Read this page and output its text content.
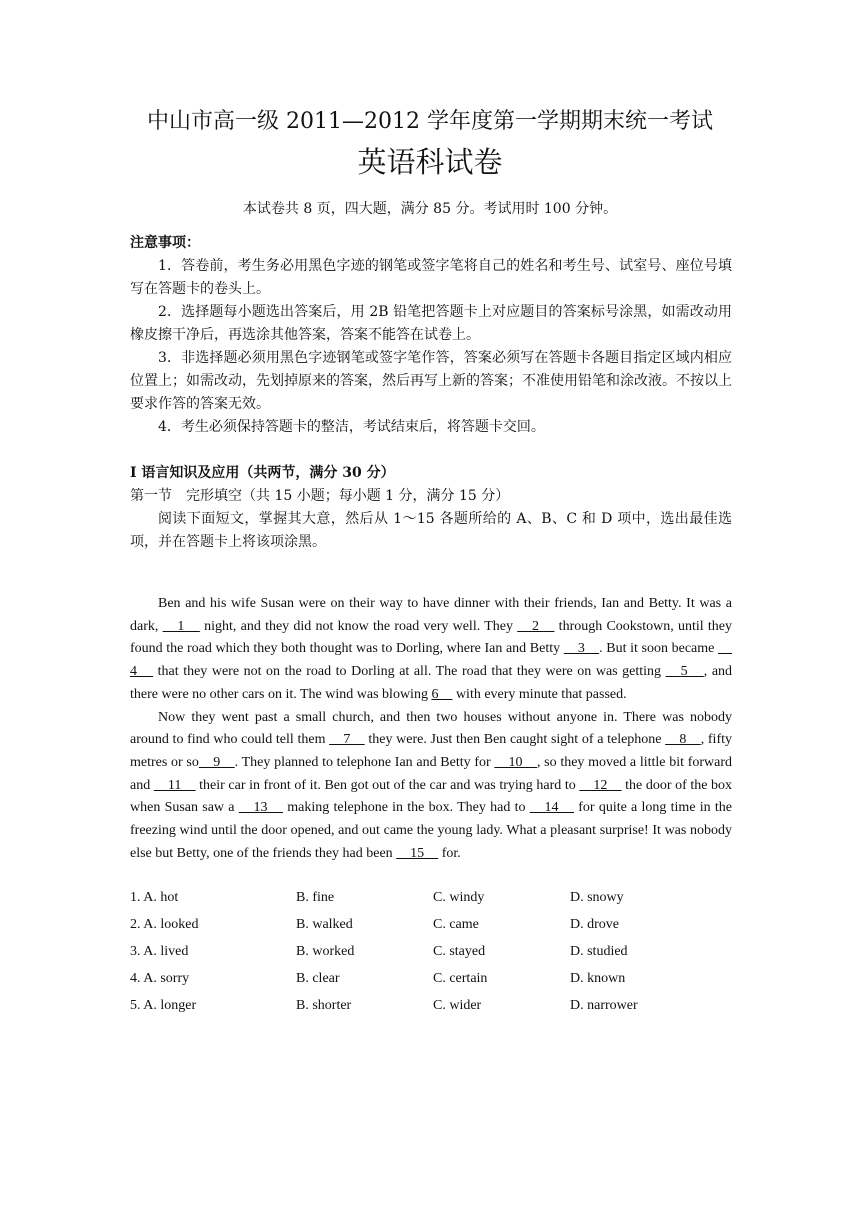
中山市高一级 2011—2012 学年度第一学期期末统一考试
英语科试卷
本试卷共 8 页，四大题，满分 85 分。考试用时 100 分钟。

注意事项：

1．答卷前，考生务必用黑色字迹的钢笔或签字笔将自己的姓名和考生号、试室号、座位号填写在答题卡的卷头上。

2．选择题每小题选出答案后，用 2B 铅笔把答题卡上对应题目的答案标号涂黑，如需改动用橡皮擦干净后，再选涂其他答案，答案不能答在试卷上。

3．非选择题必须用黑色字迹钢笔或签字笔作答，答案必须写在答题卡各题目指定区域内相应位置上；如需改动，先划掉原来的答案，然后再写上新的答案；不准使用铅笔和涂改液。不按以上要求作答的答案无效。

4．考生必须保持答题卡的整洁，考试结束后，将答题卡交回。

I 语言知识及应用（共两节，满分 30 分）

第一节　完形填空（共 15 小题；每小题 1 分，满分 15 分）

阅读下面短文，掌握其大意，然后从 1～15 各题所给的 A、B、C 和 D 项中，选出最佳选项，并在答题卡上将该项涂黑。

Ben and his wife Susan were on their way to have dinner with their friends, Ian and Betty. It was a dark, 　1　 night, and they did not know the road very well. They 　2　 through Cookstown, until they found the road which they both thought was to Dorling, where Ian and Betty 　3　. But it soon became 　4　 that they were not on the road to Dorling at all. The road that they were on was getting 　5　, and there were no other cars on it. The wind was blowing 6　 with every minute that passed.

Now they went past a small church, and then two houses without anyone in. There was nobody around to find who could tell them 　7　 they were. Just then Ben caught sight of a telephone 　8　, fifty metres or so　9　. They planned to telephone Ian and Betty for 　10　, so they moved a little bit forward and 　11　 their car in front of it. Ben got out of the car and was trying hard to 　12　 the door of the box when Susan saw a 　13　 making telephone in the box. They had to 　14　 for quite a long time in the freezing wind until the door opened, and out came the young lady. What a pleasant surprise! It was nobody else but Betty, one of the friends they had been 　15　 for.

1. A. hot	B. fine	C. windy	D. snowy
2. A. looked	B. walked	C. came	D. drove
3. A. lived	B. worked	C. stayed	D. studied
4. A. sorry	B. clear	C. certain	D. known
5. A. longer	B. shorter	C. wider	D. narrower
